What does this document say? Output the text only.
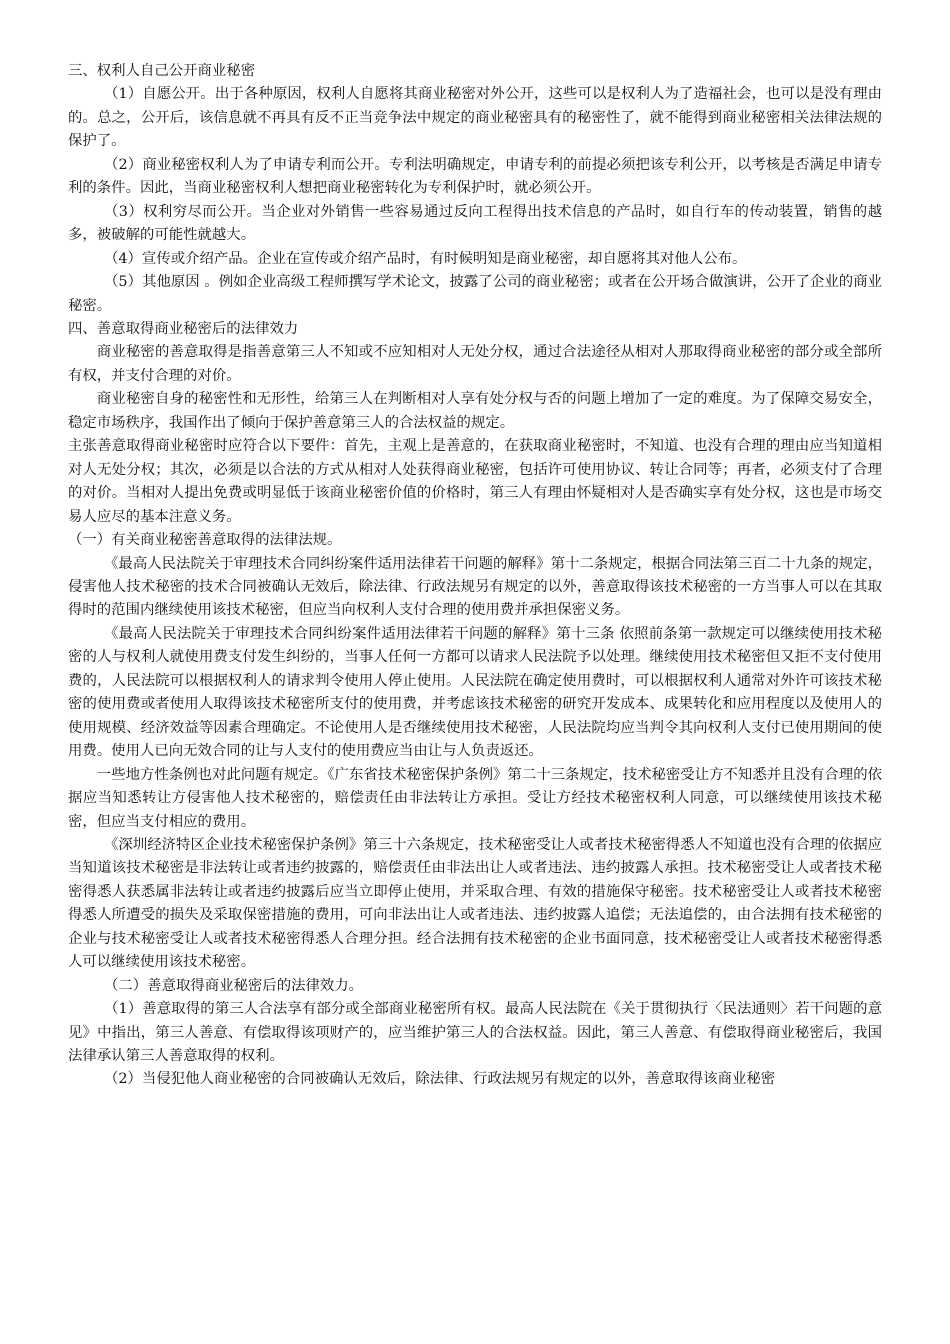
三、权利人自己公开商业秘密

（1）自愿公开。出于各种原因，权利人自愿将其商业秘密对外公开，这些可以是权利人为了造福社会，也可以是没有理由的。总之，公开后，该信息就不再具有反不正当竞争法中规定的商业秘密具有的秘密性了，就不能得到商业秘密相关法律法规的保护了。

（2）商业秘密权利人为了申请专利而公开。专利法明确规定，申请专利的前提必须把该专利公开，以考核是否满足申请专利的条件。因此，当商业秘密权利人想把商业秘密转化为专利保护时，就必须公开。

（3）权利穷尽而公开。当企业对外销售一些容易通过反向工程得出技术信息的产品时，如自行车的传动装置，销售的越多，被破解的可能性就越大。

（4）宣传或介绍产品。企业在宣传或介绍产品时，有时候明知是商业秘密，却自愿将其对他人公布。

（5）其他原因 。例如企业高级工程师撰写学术论文，披露了公司的商业秘密；或者在公开场合做演讲，公开了企业的商业秘密。

四、善意取得商业秘密后的法律效力

商业秘密的善意取得是指善意第三人不知或不应知相对人无处分权，通过合法途径从相对人那取得商业秘密的部分或全部所有权，并支付合理的对价。

商业秘密自身的秘密性和无形性，给第三人在判断相对人享有处分权与否的问题上增加了一定的难度。为了保障交易安全，稳定市场秩序，我国作出了倾向于保护善意第三人的合法权益的规定。

主张善意取得商业秘密时应符合以下要件：首先，主观上是善意的，在获取商业秘密时，不知道、也没有合理的理由应当知道相对人无处分权；其次，必须是以合法的方式从相对人处获得商业秘密，包括许可使用协议、转让合同等；再者，必须支付了合理的对价。当相对人提出免费或明显低于该商业秘密价值的价格时，第三人有理由怀疑相对人是否确实享有处分权，这也是市场交易人应尽的基本注意义务。

（一）有关商业秘密善意取得的法律法规。

《最高人民法院关于审理技术合同纠纷案件适用法律若干问题的解释》第十二条规定，根据合同法第三百二十九条的规定，侵害他人技术秘密的技术合同被确认无效后，除法律、行政法规另有规定的以外，善意取得该技术秘密的一方当事人可以在其取得时的范围内继续使用该技术秘密，但应当向权利人支付合理的使用费并承担保密义务。

《最高人民法院关于审理技术合同纠纷案件适用法律若干问题的解释》第十三条 依照前条第一款规定可以继续使用技术秘密的人与权利人就使用费支付发生纠纷的，当事人任何一方都可以请求人民法院予以处理。继续使用技术秘密但又拒不支付使用费的，人民法院可以根据权利人的请求判令使用人停止使用。人民法院在确定使用费时，可以根据权利人通常对外许可该技术秘密的使用费或者使用人取得该技术秘密所支付的使用费，并考虑该技术秘密的研究开发成本、成果转化和应用程度以及使用人的使用规模、经济效益等因素合理确定。不论使用人是否继续使用技术秘密，人民法院均应当判令其向权利人支付已使用期间的使用费。使用人已向无效合同的让与人支付的使用费应当由让与人负责返还。

一些地方性条例也对此问题有规定。《广东省技术秘密保护条例》第二十三条规定，技术秘密受让方不知悉并且没有合理的依据应当知悉转让方侵害他人技术秘密的，赔偿责任由非法转让方承担。受让方经技术秘密权利人同意，可以继续使用该技术秘密，但应当支付相应的费用。

《深圳经济特区企业技术秘密保护条例》第三十六条规定，技术秘密受让人或者技术秘密得悉人不知道也没有合理的依据应当知道该技术秘密是非法转让或者违约披露的，赔偿责任由非法出让人或者违法、违约披露人承担。技术秘密受让人或者技术秘密得悉人获悉属非法转让或者违约披露后应当立即停止使用，并采取合理、有效的措施保守秘密。技术秘密受让人或者技术秘密得悉人所遭受的损失及采取保密措施的费用，可向非法出让人或者违法、违约披露人追偿；无法追偿的，由合法拥有技术秘密的企业与技术秘密受让人或者技术秘密得悉人合理分担。经合法拥有技术秘密的企业书面同意，技术秘密受让人或者技术秘密得悉人可以继续使用该技术秘密。

（二）善意取得商业秘密后的法律效力。

（1）善意取得的第三人合法享有部分或全部商业秘密所有权。最高人民法院在《关于贯彻执行〈民法通则〉若干问题的意见》中指出，第三人善意、有偿取得该项财产的，应当维护第三人的合法权益。因此，第三人善意、有偿取得商业秘密后，我国法律承认第三人善意取得的权利。

（2）当侵犯他人商业秘密的合同被确认无效后，除法律、行政法规另有规定的以外，善意取得该商业秘密
